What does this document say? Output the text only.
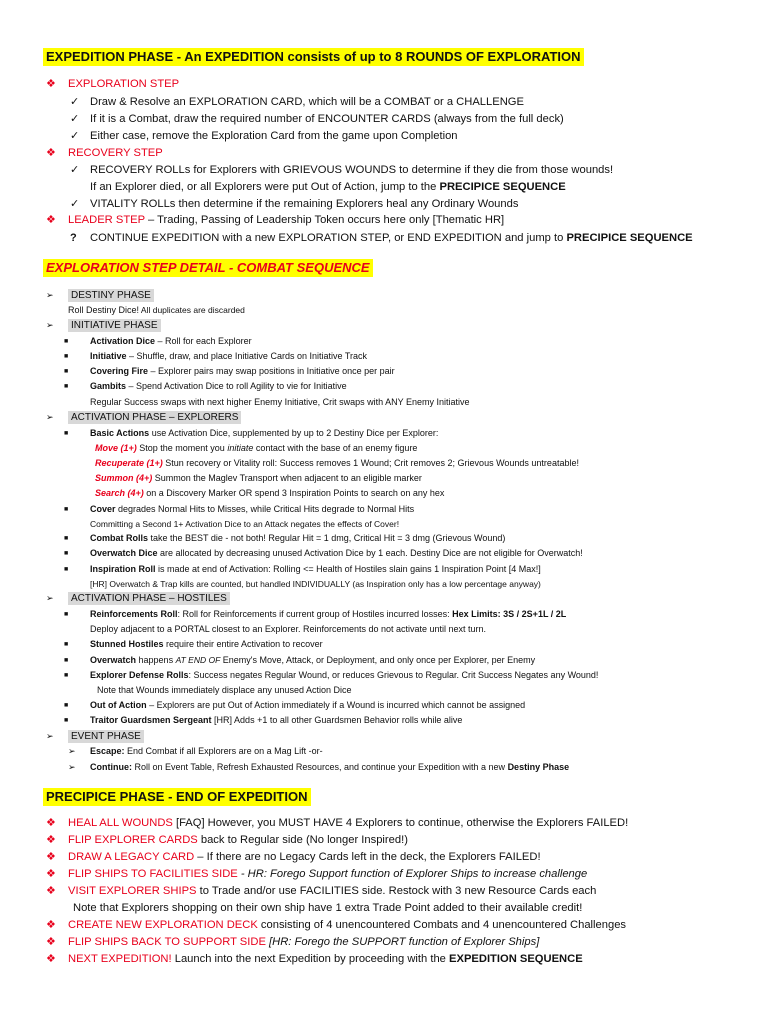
EXPEDITION PHASE - An EXPEDITION consists of up to 8 ROUNDS OF EXPLORATION
❖ EXPLORATION STEP
✓ Draw & Resolve an EXPLORATION CARD, which will be a COMBAT or a CHALLENGE
✓ If it is a Combat, draw the required number of ENCOUNTER CARDS (always from the full deck)
✓ Either case, remove the Exploration Card from the game upon Completion
❖ RECOVERY STEP
✓ RECOVERY ROLLs for Explorers with GRIEVOUS WOUNDS to determine if they die from those wounds!
If an Explorer died, or all Explorers were put Out of Action, jump to the PRECIPICE SEQUENCE
✓ VITALITY ROLLs then determine if the remaining Explorers heal any Ordinary Wounds
❖ LEADER STEP – Trading, Passing of Leadership Token occurs here only [Thematic HR]
? CONTINUE EXPEDITION with a new EXPLORATION STEP, or END EXPEDITION and jump to PRECIPICE SEQUENCE
EXPLORATION STEP DETAIL - COMBAT SEQUENCE
➢ DESTINY PHASE
Roll Destiny Dice! All duplicates are discarded
➢ INITIATIVE PHASE
■ Activation Dice – Roll for each Explorer
■ Initiative – Shuffle, draw, and place Initiative Cards on Initiative Track
■ Covering Fire – Explorer pairs may swap positions in Initiative once per pair
■ Gambits – Spend Activation Dice to roll Agility to vie for Initiative
Regular Success swaps with next higher Enemy Initiative, Crit swaps with ANY Enemy Initiative
➢ ACTIVATION PHASE – EXPLORERS
■ Basic Actions use Activation Dice, supplemented by up to 2 Destiny Dice per Explorer:
Move (1+) Stop the moment you initiate contact with the base of an enemy figure
Recuperate (1+) Stun recovery or Vitality roll: Success removes 1 Wound; Crit removes 2; Grievous Wounds untreatable!
Summon (4+) Summon the Maglev Transport when adjacent to an eligible marker
Search (4+) on a Discovery Marker OR spend 3 Inspiration Points to search on any hex
■ Cover degrades Normal Hits to Misses, while Critical Hits degrade to Normal Hits
Committing a Second 1+ Activation Dice to an Attack negates the effects of Cover!
■ Combat Rolls take the BEST die - not both! Regular Hit = 1 dmg, Critical Hit = 3 dmg (Grievous Wound)
■ Overwatch Dice are allocated by decreasing unused Activation Dice by 1 each. Destiny Dice are not eligible for Overwatch!
■ Inspiration Roll is made at end of Activation: Rolling <= Health of Hostiles slain gains 1 Inspiration Point [4 Max!]
[HR] Overwatch & Trap kills are counted, but handled INDIVIDUALLY (as Inspiration only has a low percentage anyway)
➢ ACTIVATION PHASE – HOSTILES
■ Reinforcements Roll: Roll for Reinforcements if current group of Hostiles incurred losses: Hex Limits: 3S / 2S+1L / 2L
Deploy adjacent to a PORTAL closest to an Explorer. Reinforcements do not activate until next turn.
■ Stunned Hostiles require their entire Activation to recover
■ Overwatch happens AT END OF Enemy's Move, Attack, or Deployment, and only once per Explorer, per Enemy
■ Explorer Defense Rolls: Success negates Regular Wound, or reduces Grievous to Regular. Crit Success Negates any Wound!
Note that Wounds immediately displace any unused Action Dice
■ Out of Action – Explorers are put Out of Action immediately if a Wound is incurred which cannot be assigned
■ Traitor Guardsmen Sergeant [HR] Adds +1 to all other Guardsmen Behavior rolls while alive
➢ EVENT PHASE
➢ Escape: End Combat if all Explorers are on a Mag Lift -or-
➢ Continue: Roll on Event Table, Refresh Exhausted Resources, and continue your Expedition with a new Destiny Phase
PRECIPICE PHASE - END OF EXPEDITION
❖ HEAL ALL WOUNDS [FAQ] However, you MUST HAVE 4 Explorers to continue, otherwise the Explorers FAILED!
❖ FLIP EXPLORER CARDS back to Regular side (No longer Inspired!)
❖ DRAW A LEGACY CARD – If there are no Legacy Cards left in the deck, the Explorers FAILED!
❖ FLIP SHIPS TO FACILITIES SIDE - HR: Forego Support function of Explorer Ships to increase challenge
❖ VISIT EXPLORER SHIPS to Trade and/or use FACILITIES side. Restock with 3 new Resource Cards each
Note that Explorers shopping on their own ship have 1 extra Trade Point added to their available credit!
❖ CREATE NEW EXPLORATION DECK consisting of 4 unencountered Combats and 4 unencountered Challenges
❖ FLIP SHIPS BACK TO SUPPORT SIDE [HR: Forego the SUPPORT function of Explorer Ships]
❖ NEXT EXPEDITION! Launch into the next Expedition by proceeding with the EXPEDITION SEQUENCE
